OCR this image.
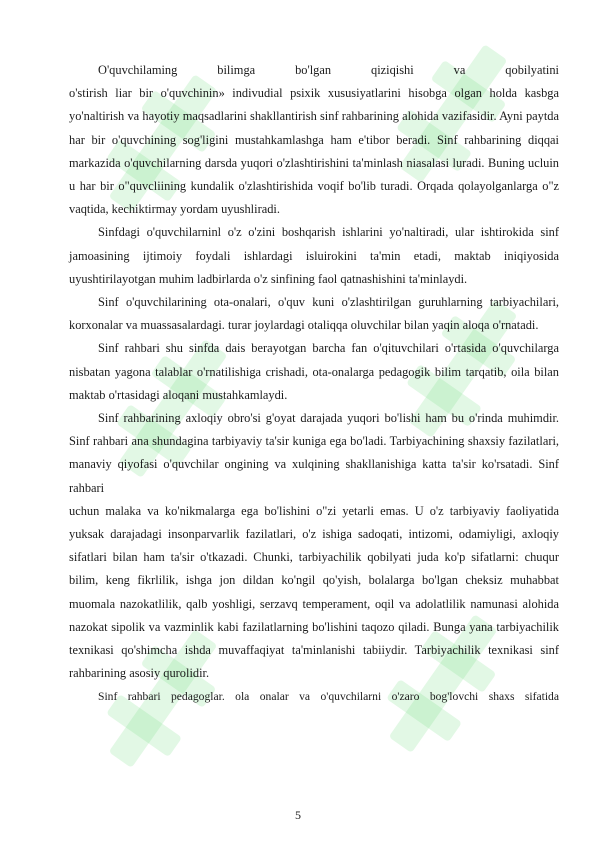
O'quvchilaming bilimga bo'lgan qiziqishi va qobilyatini

o'stirish liar bir o'quvchinin» indivudial psixik xususiyatlarini hisobga olgan holda kasbga yo'naltirish va hayotiy maqsadlarini shakllantirish sinf rahbarining alohida vazifasidir. Ayni paytda har bir o'quvchining sog'ligini mustahkamlashga ham e'tibor beradi. Sinf rahbarining diqqai markazida o'quvchilarning darsda yuqori o'zlashtirishini ta'minlash niasalasi luradi. Buning ucluin u har bir o"quvcliining kundalik o'zlashtirishida voqif bo'lib turadi. Orqada qolayolganlarga o"z vaqtida, kechiktirmay yordam uyushliradi.

Sinfdagi o'quvchilarninl o'z o'zini boshqarish ishlarini yo'naltiradi, ular ishtirokida sinf jamoasining ijtimoiy foydali ishlardagi isluirokini ta'min etadi, maktab iniqiyosida uyushtirilayotgan muhim ladbirlarda o'z sinfining faol qatnashishini ta'minlaydi.

Sinf o'quvchilarining ota-onalari, o'quv kuni o'zlashtirilgan guruhlarning tarbiyachilari, korxonalar va muassasalardagi. turar joylardagi otaliqqa oluvchilar bilan yaqin aloqa o'rnatadi.

Sinf rahbari shu sinfda dais berayotgan barcha fan o'qituvchilari o'rtasida o'quvchilarga nisbatan yagona talablar o'rnatilishiga crishadi, ota-onalarga pedagogik bilim tarqatib, oila bilan maktab o'rtasidagi aloqani mustahkamlaydi.

Sinf rahbarining axloqiy obro'si g'oyat darajada yuqori bo'lishi ham bu o'rinda muhimdir. Sinf rahbari ana shundagina tarbiyaviy ta'sir kuniga ega bo'ladi. Tarbiyachining shaxsiy fazilatlari, manaviy qiyofasi o'quvchilar ongining va xulqining shakllanishiga katta ta'sir ko'rsatadi. Sinf rahbari

uchun malaka va ko'nikmalarga ega bo'lishini o"zi yetarli emas. U o'z tarbiyaviy faoliyatida yuksak darajadagi insonparvarlik fazilatlari, o'z ishiga sadoqati, intizomi, odamiyligi, axloqiy sifatlari bilan ham ta'sir o'tkazadi. Chunki, tarbiyachilik qobilyati juda ko'p sifatlarni: chuqur bilim, keng fikrlilik, ishga jon dildan ko'ngil qo'yish, bolalarga bo'lgan cheksiz muhabbat muomala nazokatlilik, qalb yoshligi, serzavq temperament, oqil va adolatlilik namunasi alohida nazokat sipolik va vazminlik kabi fazilatlarning bo'lishini taqozo qiladi. Bunga yana tarbiyachilik texnikasi qo'shimcha ishda muvaffaqiyat ta'minlanishi tabiiydir. Tarbiyachilik texnikasi sinf rahbarining asosiy qurolidir.

Sinf rahbari pedagoglar. ola onalar va o'quvchilarni o'zaro bog'lovchi shaxs sifatida

5
